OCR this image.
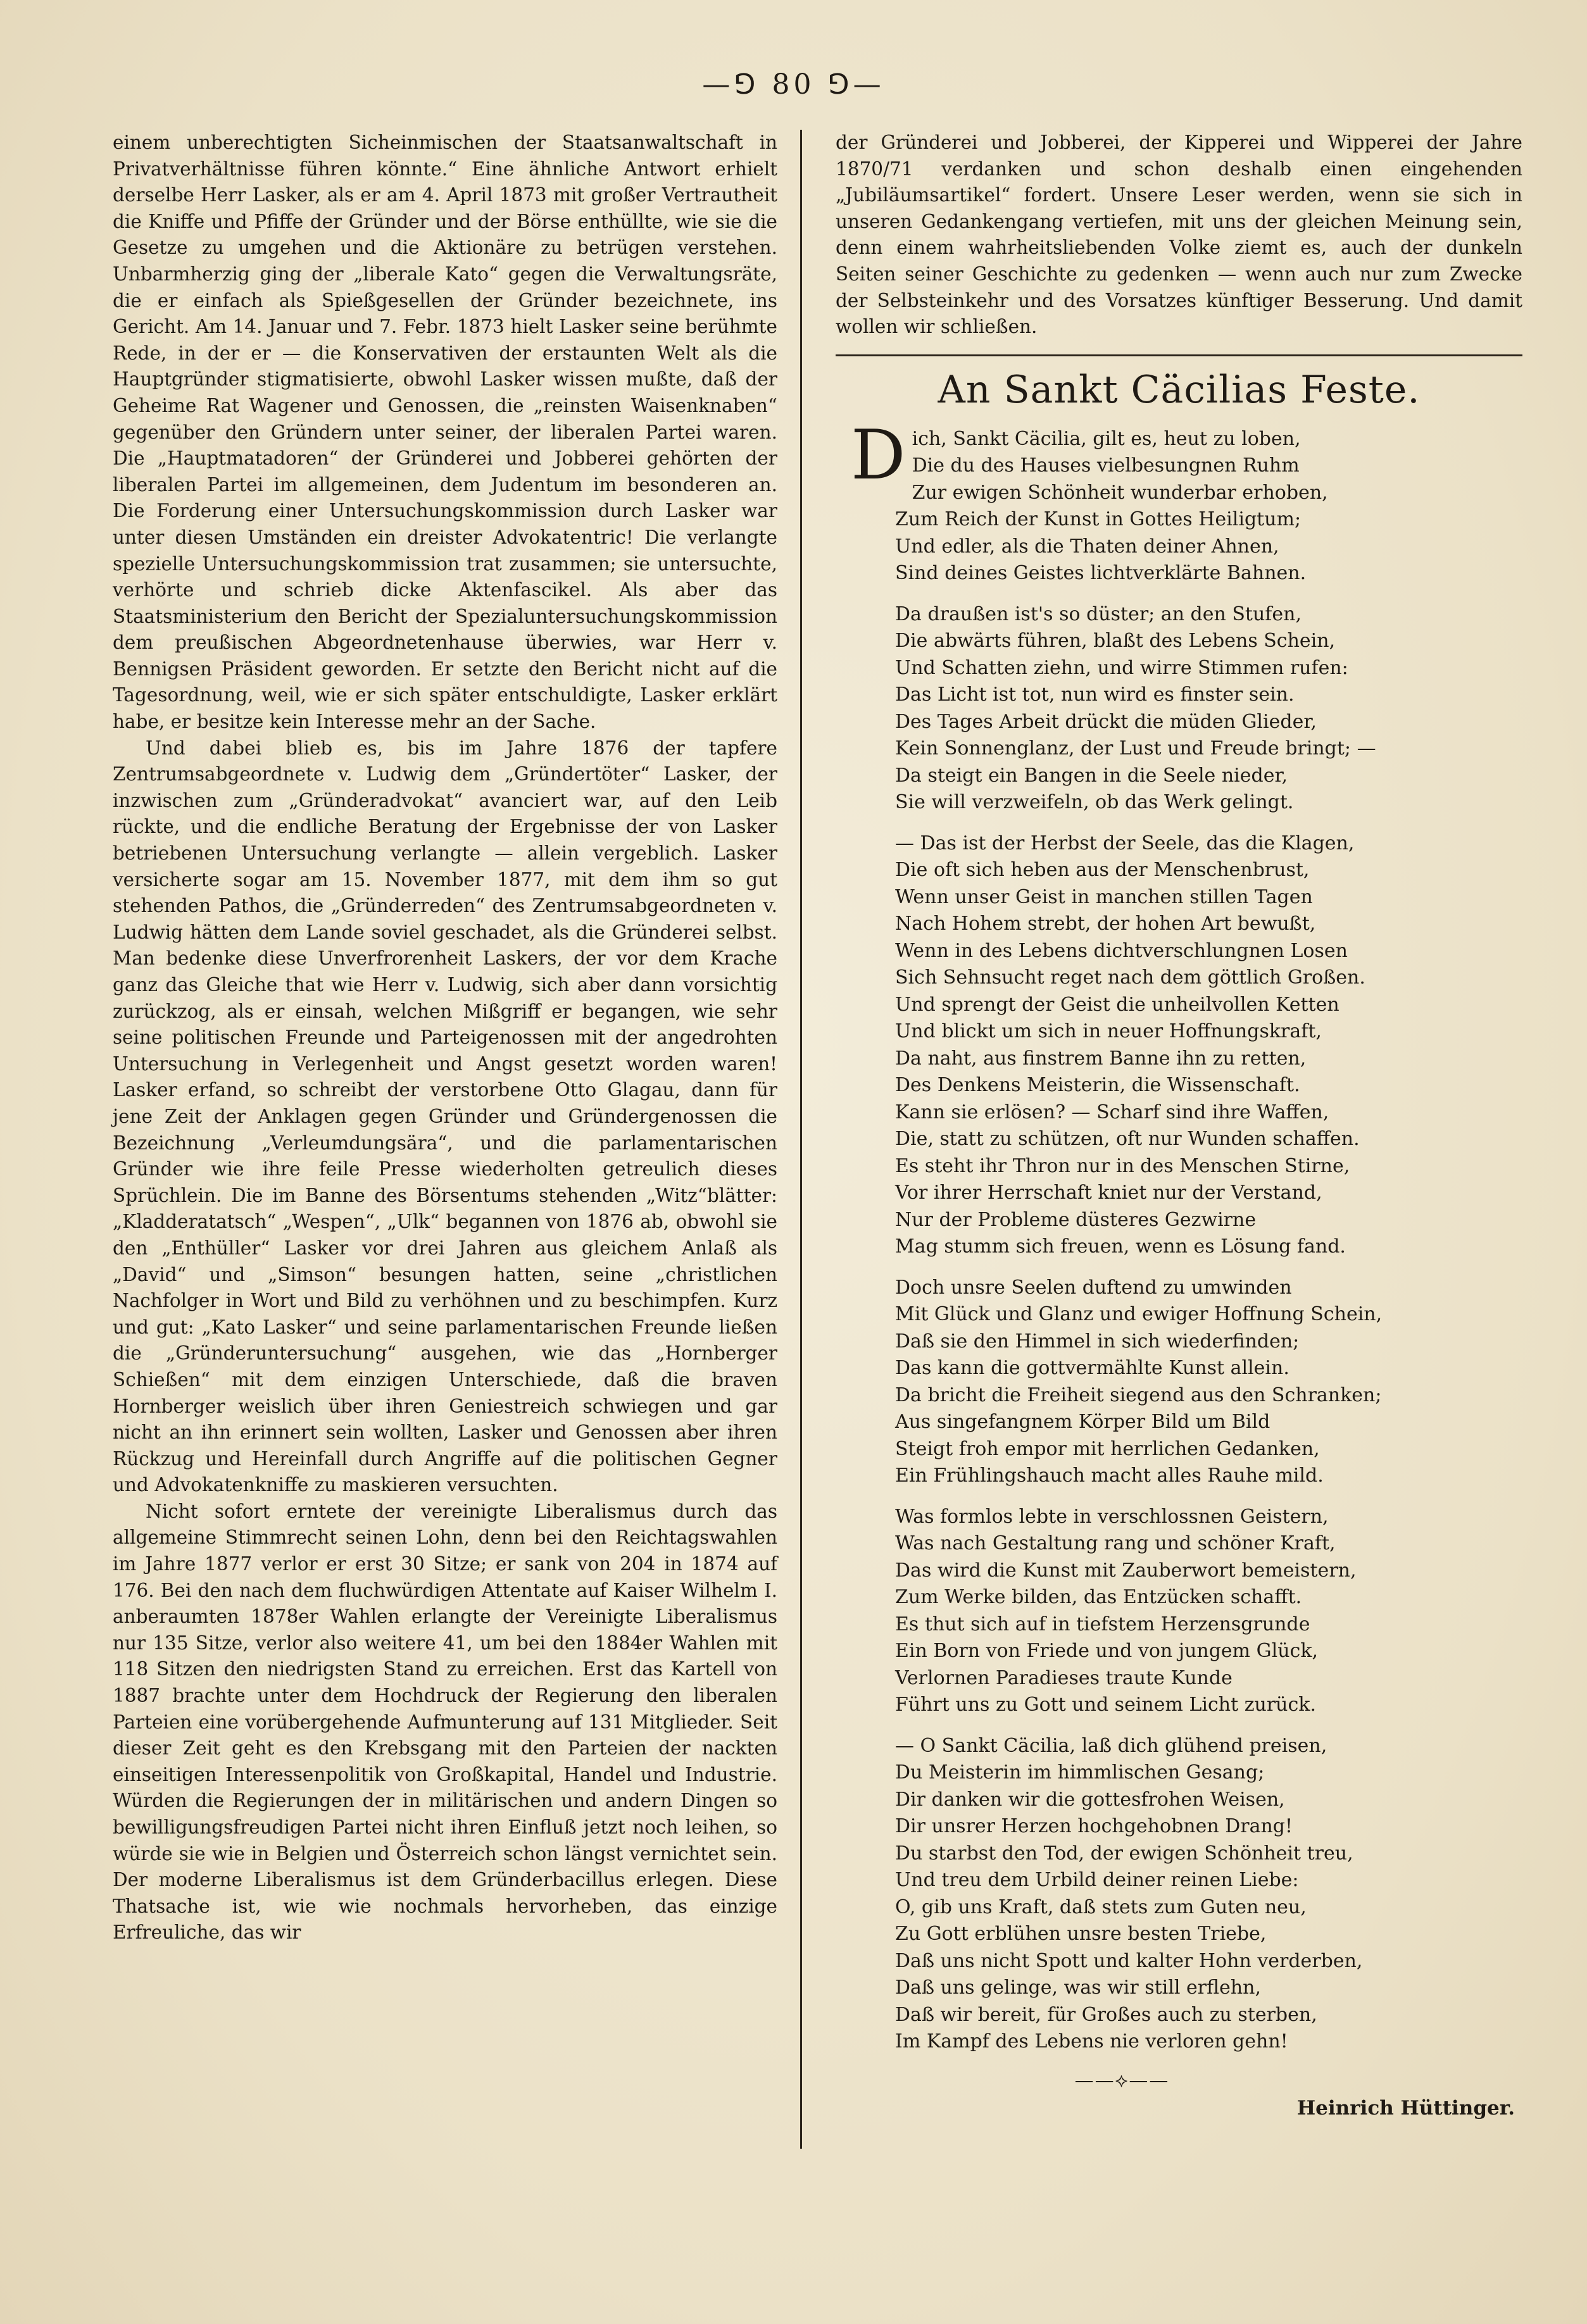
—⅁ 80 ⅁—

einem unberechtigten Sicheinmischen der Staatsanwaltschaft in Privatverhältnisse führen könnte.“ Eine ähnliche Antwort erhielt derselbe Herr Lasker, als er am 4. April 1873 mit großer Vertrautheit die Kniffe und Pfiffe der Gründer und der Börse enthüllte, wie sie die Gesetze zu umgehen und die Aktionäre zu betrügen verstehen. Unbarmherzig ging der „liberale Kato“ gegen die Verwaltungsräte, die er einfach als Spießgesellen der Gründer bezeichnete, ins Gericht. Am 14. Januar und 7. Febr. 1873 hielt Lasker seine berühmte Rede, in der er — die Konservativen der erstaunten Welt als die Hauptgründer stigmatisierte, obwohl Lasker wissen mußte, daß der Geheime Rat Wagener und Genossen, die „reinsten Waisenknaben“ gegenüber den Gründern unter seiner, der liberalen Partei waren. Die „Hauptmatadoren“ der Gründerei und Jobberei gehörten der liberalen Partei im allgemeinen, dem Judentum im besonderen an. Die Forderung einer Untersuchungskommission durch Lasker war unter diesen Umständen ein dreister Advokatentric! Die verlangte spezielle Untersuchungskommission trat zusammen; sie untersuchte, verhörte und schrieb dicke Aktenfascikel. Als aber das Staatsministerium den Bericht der Spezialuntersuchungskommission dem preußischen Abgeordnetenhause überwies, war Herr v. Bennigsen Präsident geworden. Er setzte den Bericht nicht auf die Tagesordnung, weil, wie er sich später entschuldigte, Lasker erklärt habe, er besitze kein Interesse mehr an der Sache.

Und dabei blieb es, bis im Jahre 1876 der tapfere Zentrumsabgeordnete v. Ludwig dem „Gründertöter“ Lasker, der inzwischen zum „Gründeradvokat“ avanciert war, auf den Leib rückte, und die endliche Beratung der Ergebnisse der von Lasker betriebenen Untersuchung verlangte — allein vergeblich. Lasker versicherte sogar am 15. November 1877, mit dem ihm so gut stehenden Pathos, die „Gründerreden“ des Zentrumsabgeordneten v. Ludwig hätten dem Lande soviel geschadet, als die Gründerei selbst. Man bedenke diese Unverfrorenheit Laskers, der vor dem Krache ganz das Gleiche that wie Herr v. Ludwig, sich aber dann vorsichtig zurückzog, als er einsah, welchen Mißgriff er begangen, wie sehr seine politischen Freunde und Parteigenossen mit der angedrohten Untersuchung in Verlegenheit und Angst gesetzt worden waren! Lasker erfand, so schreibt der verstorbene Otto Glagau, dann für jene Zeit der Anklagen gegen Gründer und Gründergenossen die Bezeichnung „Verleumdungsära“, und die parlamentarischen Gründer wie ihre feile Presse wiederholten getreulich dieses Sprüchlein. Die im Banne des Börsentums stehenden „Witz“blätter: „Kladderatatsch“ „Wespen“, „Ulk“ begannen von 1876 ab, obwohl sie den „Enthüller“ Lasker vor drei Jahren aus gleichem Anlaß als „David“ und „Simson“ besungen hatten, seine „christlichen Nachfolger in Wort und Bild zu verhöhnen und zu beschimpfen. Kurz und gut: „Kato Lasker“ und seine parlamentarischen Freunde ließen die „Gründeruntersuchung“ ausgehen, wie das „Hornberger Schießen“ mit dem einzigen Unterschiede, daß die braven Hornberger weislich über ihren Geniestreich schwiegen und gar nicht an ihn erinnert sein wollten, Lasker und Genossen aber ihren Rückzug und Hereinfall durch Angriffe auf die politischen Gegner und Advokatenkniffe zu maskieren versuchten.

Nicht sofort erntete der vereinigte Liberalismus durch das allgemeine Stimmrecht seinen Lohn, denn bei den Reichtagswahlen im Jahre 1877 verlor er erst 30 Sitze; er sank von 204 in 1874 auf 176. Bei den nach dem fluchwürdigen Attentate auf Kaiser Wilhelm I. anberaumten 1878er Wahlen erlangte der Vereinigte Liberalismus nur 135 Sitze, verlor also weitere 41, um bei den 1884er Wahlen mit 118 Sitzen den niedrigsten Stand zu erreichen. Erst das Kartell von 1887 brachte unter dem Hochdruck der Regierung den liberalen Parteien eine vorübergehende Aufmunterung auf 131 Mitglieder. Seit dieser Zeit geht es den Krebsgang mit den Parteien der nackten einseitigen Interessenpolitik von Großkapital, Handel und Industrie. Würden die Regierungen der in militärischen und andern Dingen so bewilligungsfreudigen Partei nicht ihren Einfluß jetzt noch leihen, so würde sie wie in Belgien und Österreich schon längst vernichtet sein. Der moderne Liberalismus ist dem Gründerbacillus erlegen. Diese Thatsache ist, wie wie nochmals hervorheben, das einzige Erfreuliche, das wir

der Gründerei und Jobberei, der Kipperei und Wipperei der Jahre 1870/71 verdanken und schon deshalb einen eingehenden „Jubiläumsartikel“ fordert. Unsere Leser werden, wenn sie sich in unseren Gedankengang vertiefen, mit uns der gleichen Meinung sein, denn einem wahrheitsliebenden Volke ziemt es, auch der dunkeln Seiten seiner Geschichte zu gedenken — wenn auch nur zum Zwecke der Selbsteinkehr und des Vorsatzes künftiger Besserung. Und damit wollen wir schließen.

An Sankt Cäcilias Feste.
D ich, Sankt Cäcilia, gilt es, heut zu loben,
Die du des Hauses vielbesungnen Ruhm
Zur ewigen Schönheit wunderbar erhoben,
Zum Reich der Kunst in Gottes Heiligtum;
Und edler, als die Thaten deiner Ahnen,
Sind deines Geistes lichtverklärte Bahnen.
Da draußen ist's so düster; an den Stufen,
Die abwärts führen, blaßt des Lebens Schein,
Und Schatten ziehn, und wirre Stimmen rufen:
Das Licht ist tot, nun wird es finster sein.
Des Tages Arbeit drückt die müden Glieder,
Kein Sonnenglanz, der Lust und Freude bringt; —
Da steigt ein Bangen in die Seele nieder,
Sie will verzweifeln, ob das Werk gelingt.
— Das ist der Herbst der Seele, das die Klagen,
Die oft sich heben aus der Menschenbrust,
Wenn unser Geist in manchen stillen Tagen
Nach Hohem strebt, der hohen Art bewußt,
Wenn in des Lebens dichtverschlungnen Losen
Sich Sehnsucht reget nach dem göttlich Großen.
Und sprengt der Geist die unheilvollen Ketten
Und blickt um sich in neuer Hoffnungskraft,
Da naht, aus finstrem Banne ihn zu retten,
Des Denkens Meisterin, die Wissenschaft.
Kann sie erlösen? — Scharf sind ihre Waffen,
Die, statt zu schützen, oft nur Wunden schaffen.
Es steht ihr Thron nur in des Menschen Stirne,
Vor ihrer Herrschaft kniet nur der Verstand,
Nur der Probleme düsteres Gezwirne
Mag stumm sich freuen, wenn es Lösung fand.
Doch unsre Seelen duftend zu umwinden
Mit Glück und Glanz und ewiger Hoffnung Schein,
Daß sie den Himmel in sich wiederfinden;
Das kann die gottvermählte Kunst allein.
Da bricht die Freiheit siegend aus den Schranken;
Aus singefangnem Körper Bild um Bild
Steigt froh empor mit herrlichen Gedanken,
Ein Frühlingshauch macht alles Rauhe mild.
Was formlos lebte in verschlossnen Geistern,
Was nach Gestaltung rang und schöner Kraft,
Das wird die Kunst mit Zauberwort bemeistern,
Zum Werke bilden, das Entzücken schafft.
Es thut sich auf in tiefstem Herzensgrunde
Ein Born von Friede und von jungem Glück,
Verlornen Paradieses traute Kunde
Führt uns zu Gott und seinem Licht zurück.
— O Sankt Cäcilia, laß dich glühend preisen,
Du Meisterin im himmlischen Gesang;
Dir danken wir die gottesfrohen Weisen,
Dir unsrer Herzen hochgehobnen Drang!
Du starbst den Tod, der ewigen Schönheit treu,
Und treu dem Urbild deiner reinen Liebe:
O, gib uns Kraft, daß stets zum Guten neu,
Zu Gott erblühen unsre besten Triebe,
Daß uns nicht Spott und kalter Hohn verderben,
Daß uns gelinge, was wir still erflehn,
Daß wir bereit, für Großes auch zu sterben,
Im Kampf des Lebens nie verloren gehn!
——⟡——
Heinrich Hüttinger.
